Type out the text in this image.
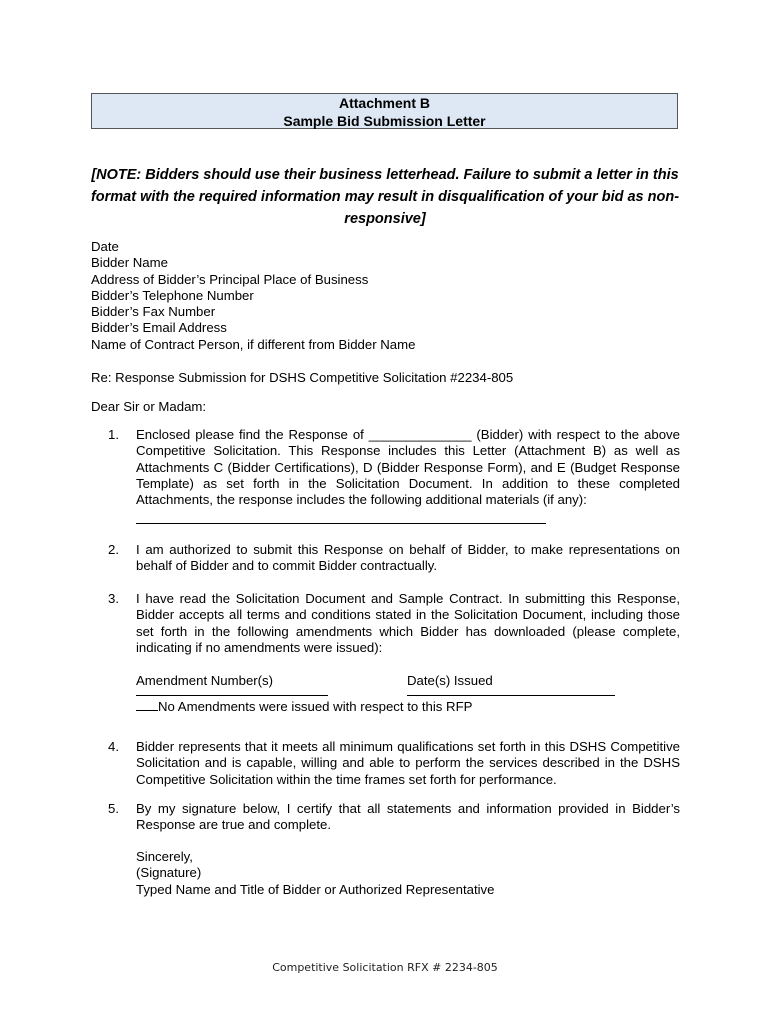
Attachment B
Sample Bid Submission Letter
[NOTE: Bidders should use their business letterhead. Failure to submit a letter in this format with the required information may result in disqualification of your bid as non-responsive]
Date
Bidder Name
Address of Bidder’s Principal Place of Business
Bidder’s Telephone Number
Bidder’s Fax Number
Bidder’s Email Address
Name of Contract Person, if different from Bidder Name
Re: Response Submission for DSHS Competitive Solicitation #2234-805
Dear Sir or Madam:
1.	Enclosed please find the Response of ______________ (Bidder) with respect to the above Competitive Solicitation. This Response includes this Letter (Attachment B) as well as Attachments C (Bidder Certifications), D (Bidder Response Form), and E (Budget Response Template) as set forth in the Solicitation Document. In addition to these completed Attachments, the response includes the following additional materials (if any):
2.	I am authorized to submit this Response on behalf of Bidder, to make representations on behalf of Bidder and to commit Bidder contractually.
3.	I have read the Solicitation Document and Sample Contract. In submitting this Response, Bidder accepts all terms and conditions stated in the Solicitation Document, including those set forth in the following amendments which Bidder has downloaded (please complete, indicating if no amendments were issued):
Amendment Number(s)	Date(s) Issued
No Amendments were issued with respect to this RFP
4.	Bidder represents that it meets all minimum qualifications set forth in this DSHS Competitive Solicitation and is capable, willing and able to perform the services described in the DSHS Competitive Solicitation within the time frames set forth for performance.
5.	By my signature below, I certify that all statements and information provided in Bidder’s Response are true and complete.
Sincerely,
(Signature)
Typed Name and Title of Bidder or Authorized Representative
Competitive Solicitation RFX # 2234-805
